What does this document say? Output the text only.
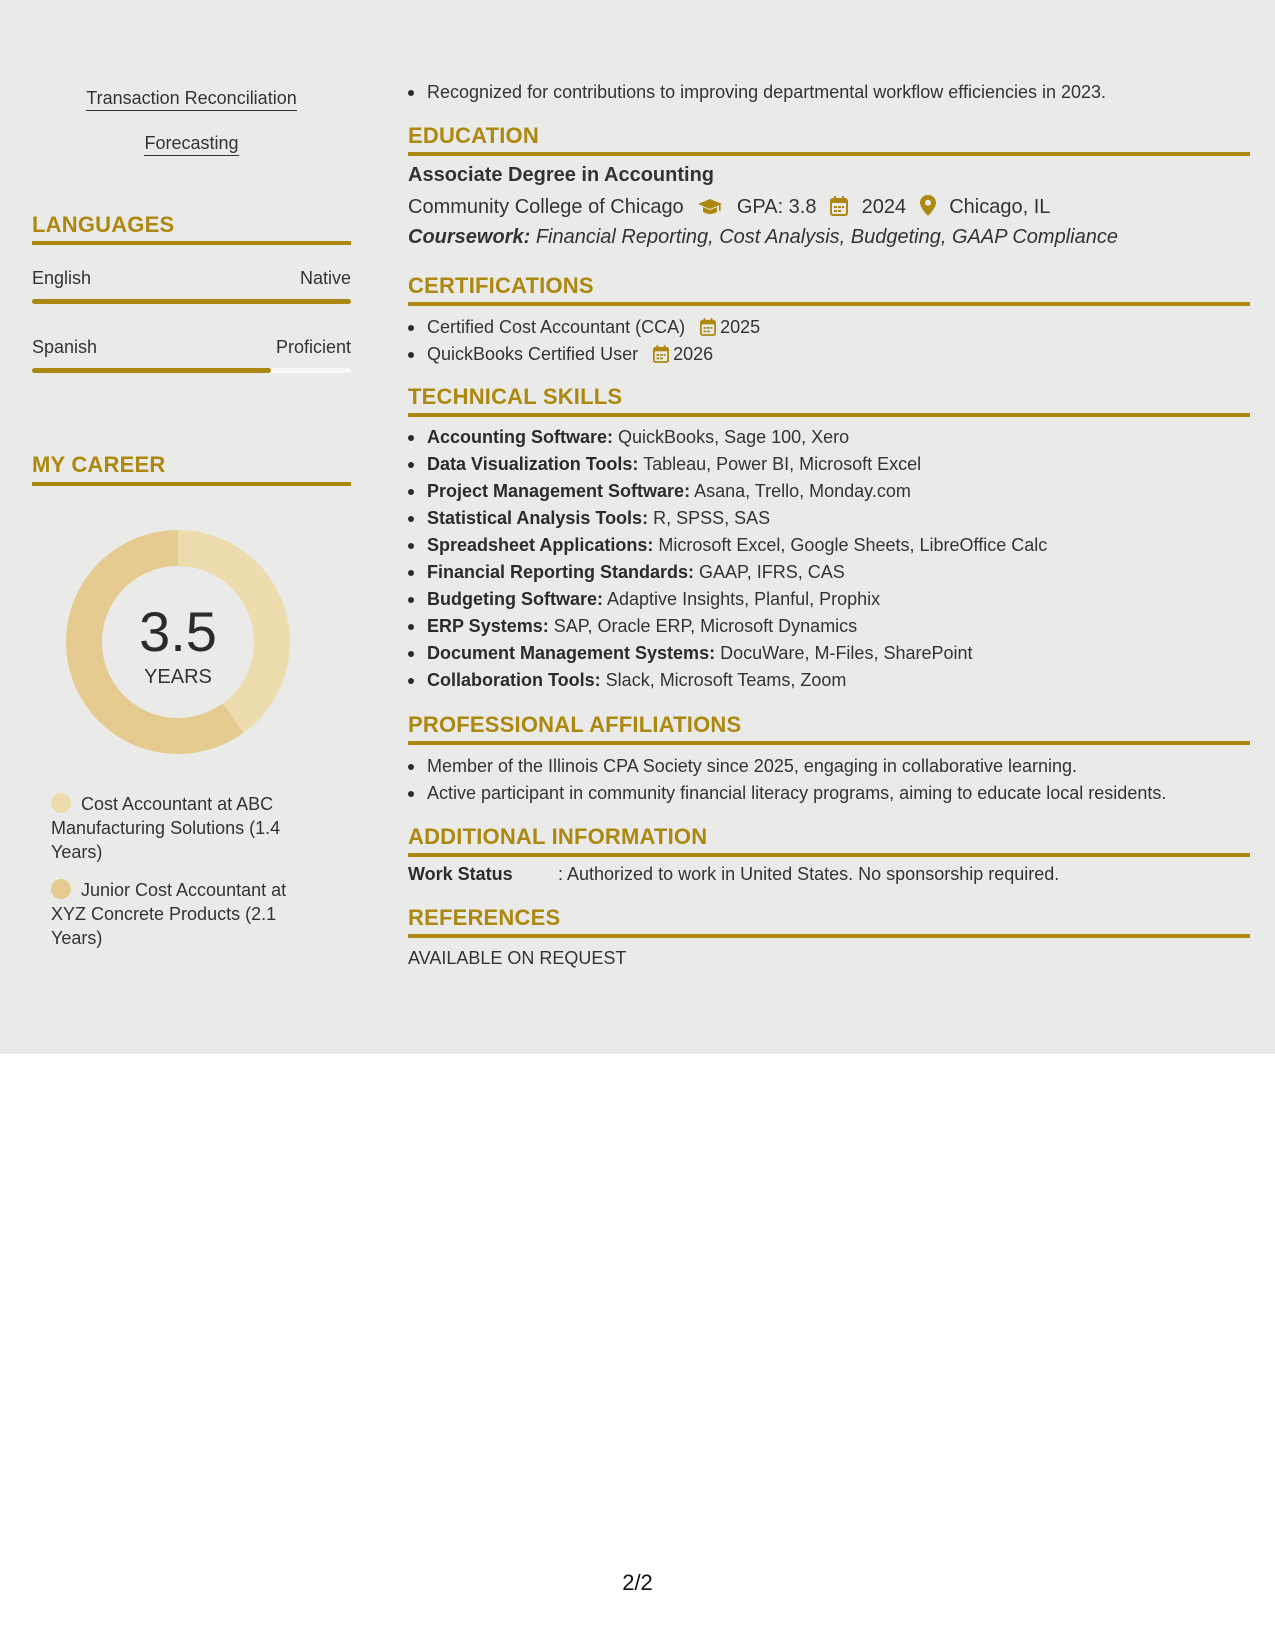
Transaction Reconciliation
Forecasting
LANGUAGES
English	Native
Spanish	Proficient
MY CAREER
3.5
YEARS
Cost Accountant at ABC Manufacturing Solutions (1.4 Years)
Junior Cost Accountant at XYZ Concrete Products (2.1 Years)
Recognized for contributions to improving departmental workflow efficiencies in 2023.
EDUCATION
Associate Degree in Accounting
Community College of Chicago	GPA: 3.8 2024 Chicago, IL
Coursework: Financial Reporting, Cost Analysis, Budgeting, GAAP Compliance
CERTIFICATIONS
Certified Cost Accountant (CCA) 2025
QuickBooks Certified User 2026
TECHNICAL SKILLS
Accounting Software: QuickBooks, Sage 100, Xero
Data Visualization Tools: Tableau, Power BI, Microsoft Excel
Project Management Software: Asana, Trello, Monday.com
Statistical Analysis Tools: R, SPSS, SAS
Spreadsheet Applications: Microsoft Excel, Google Sheets, LibreOffice Calc
Financial Reporting Standards: GAAP, IFRS, CAS
Budgeting Software: Adaptive Insights, Planful, Prophix
ERP Systems: SAP, Oracle ERP, Microsoft Dynamics
Document Management Systems: DocuWare, M-Files, SharePoint
Collaboration Tools: Slack, Microsoft Teams, Zoom
PROFESSIONAL AFFILIATIONS
Member of the Illinois CPA Society since 2025, engaging in collaborative learning.
Active participant in community financial literacy programs, aiming to educate local residents.
ADDITIONAL INFORMATION
Work Status	: Authorized to work in United States. No sponsorship required.
REFERENCES
AVAILABLE ON REQUEST
2/2
